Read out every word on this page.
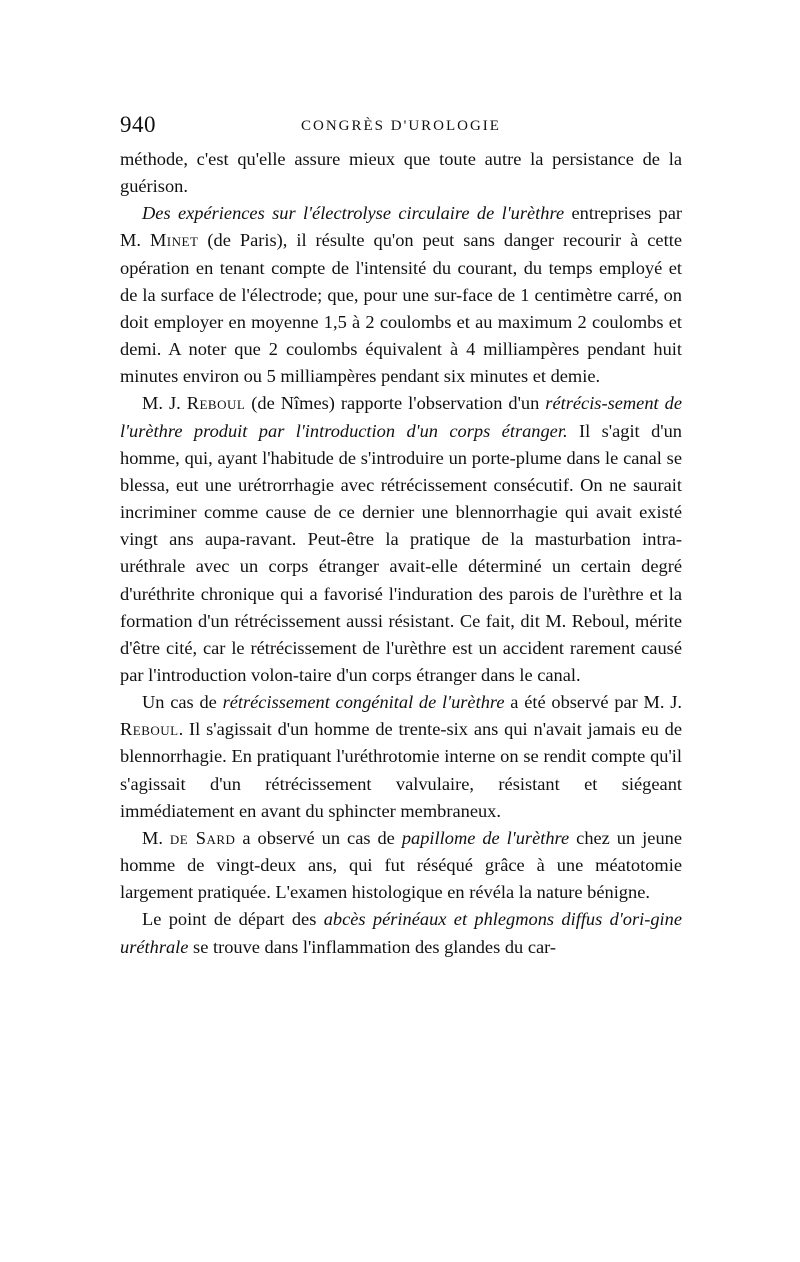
940	CONGRÈS D'UROLOGIE

méthode, c'est qu'elle assure mieux que toute autre la persistance de la guérison.

Des expériences sur l'électrolyse circulaire de l'urèthre entreprises par M. Minet (de Paris), il résulte qu'on peut sans danger recourir à cette opération en tenant compte de l'intensité du courant, du temps employé et de la surface de l'électrode; que, pour une sur-face de 1 centimètre carré, on doit employer en moyenne 1,5 à 2 coulombs et au maximum 2 coulombs et demi. A noter que 2 coulombs équivalent à 4 milliampères pendant huit minutes environ ou 5 milliampères pendant six minutes et demie.

M. J. Reboul (de Nîmes) rapporte l'observation d'un rétrécis-sement de l'urèthre produit par l'introduction d'un corps étranger. Il s'agit d'un homme, qui, ayant l'habitude de s'introduire un porte-plume dans le canal se blessa, eut une urétrorrhagie avec rétrécissement consécutif. On ne saurait incriminer comme cause de ce dernier une blennorrhagie qui avait existé vingt ans aupa-ravant. Peut-être la pratique de la masturbation intra-uréthrale avec un corps étranger avait-elle déterminé un certain degré d'uréthrite chronique qui a favorisé l'induration des parois de l'urèthre et la formation d'un rétrécissement aussi résistant. Ce fait, dit M. Reboul, mérite d'être cité, car le rétrécissement de l'urèthre est un accident rarement causé par l'introduction volon-taire d'un corps étranger dans le canal.

Un cas de rétrécissement congénital de l'urèthre a été observé par M. J. Reboul. Il s'agissait d'un homme de trente-six ans qui n'avait jamais eu de blennorrhagie. En pratiquant l'uréthrotomie interne on se rendit compte qu'il s'agissait d'un rétrécissement valvulaire, résistant et siégeant immédiatement en avant du sphincter membraneux.

M. de Sard a observé un cas de papillome de l'urèthre chez un jeune homme de vingt-deux ans, qui fut réséqué grâce à une méatotomie largement pratiquée. L'examen histologique en révéla la nature bénigne.

Le point de départ des abcès périnéaux et phlegmons diffus d'ori-gine uréthrale se trouve dans l'inflammation des glandes du car-
